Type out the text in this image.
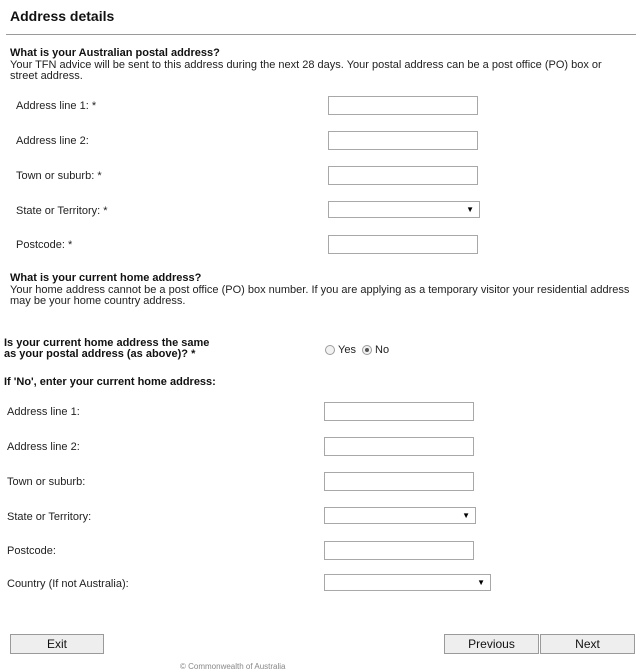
Address details
What is your Australian postal address?
Your TFN advice will be sent to this address during the next 28 days. Your postal address can be a post office (PO) box or street address.
Address line 1: *
Address line 2:
Town or suburb: *
State or Territory: *	▼
Postcode: *
What is your current home address?
Your home address cannot be a post office (PO) box number. If you are applying as a temporary visitor your residential address may be your home country address.
Is your current home address the same
as your postal address (as above)? *	Yes No
If 'No', enter your current home address:
Address line 1:
Address line 2:
Town or suburb:
State or Territory:	▼
Postcode:
Country (If not Australia):	▼
Exit	Previous	Next
© Commonwealth of Australia
